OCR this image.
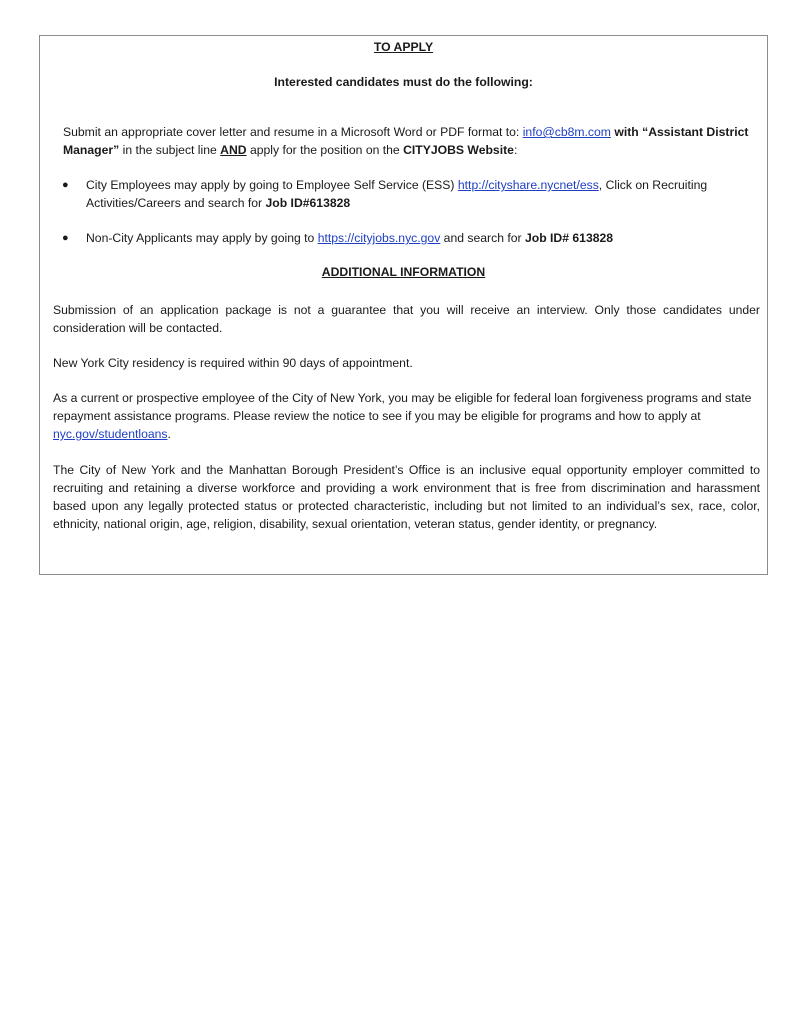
TO APPLY

Interested candidates must do the following:

Submit an appropriate cover letter and resume in a Microsoft Word or PDF format to: info@cb8m.com with “Assistant District Manager” in the subject line AND apply for the position on the CITYJOBS Website:

● City Employees may apply by going to Employee Self Service (ESS) http://cityshare.nycnet/ess, Click on Recruiting Activities/Careers and search for Job ID#613828

● Non-City Applicants may apply by going to https://cityjobs.nyc.gov and search for Job ID# 613828

ADDITIONAL INFORMATION

Submission of an application package is not a guarantee that you will receive an interview. Only those candidates under consideration will be contacted.

New York City residency is required within 90 days of appointment.

As a current or prospective employee of the City of New York, you may be eligible for federal loan forgiveness programs and state repayment assistance programs. Please review the notice to see if you may be eligible for programs and how to apply at nyc.gov/studentloans.

The City of New York and the Manhattan Borough President’s Office is an inclusive equal opportunity employer committed to recruiting and retaining a diverse workforce and providing a work environment that is free from discrimination and harassment based upon any legally protected status or protected characteristic, including but not limited to an individual’s sex, race, color, ethnicity, national origin, age, religion, disability, sexual orientation, veteran status, gender identity, or pregnancy.
